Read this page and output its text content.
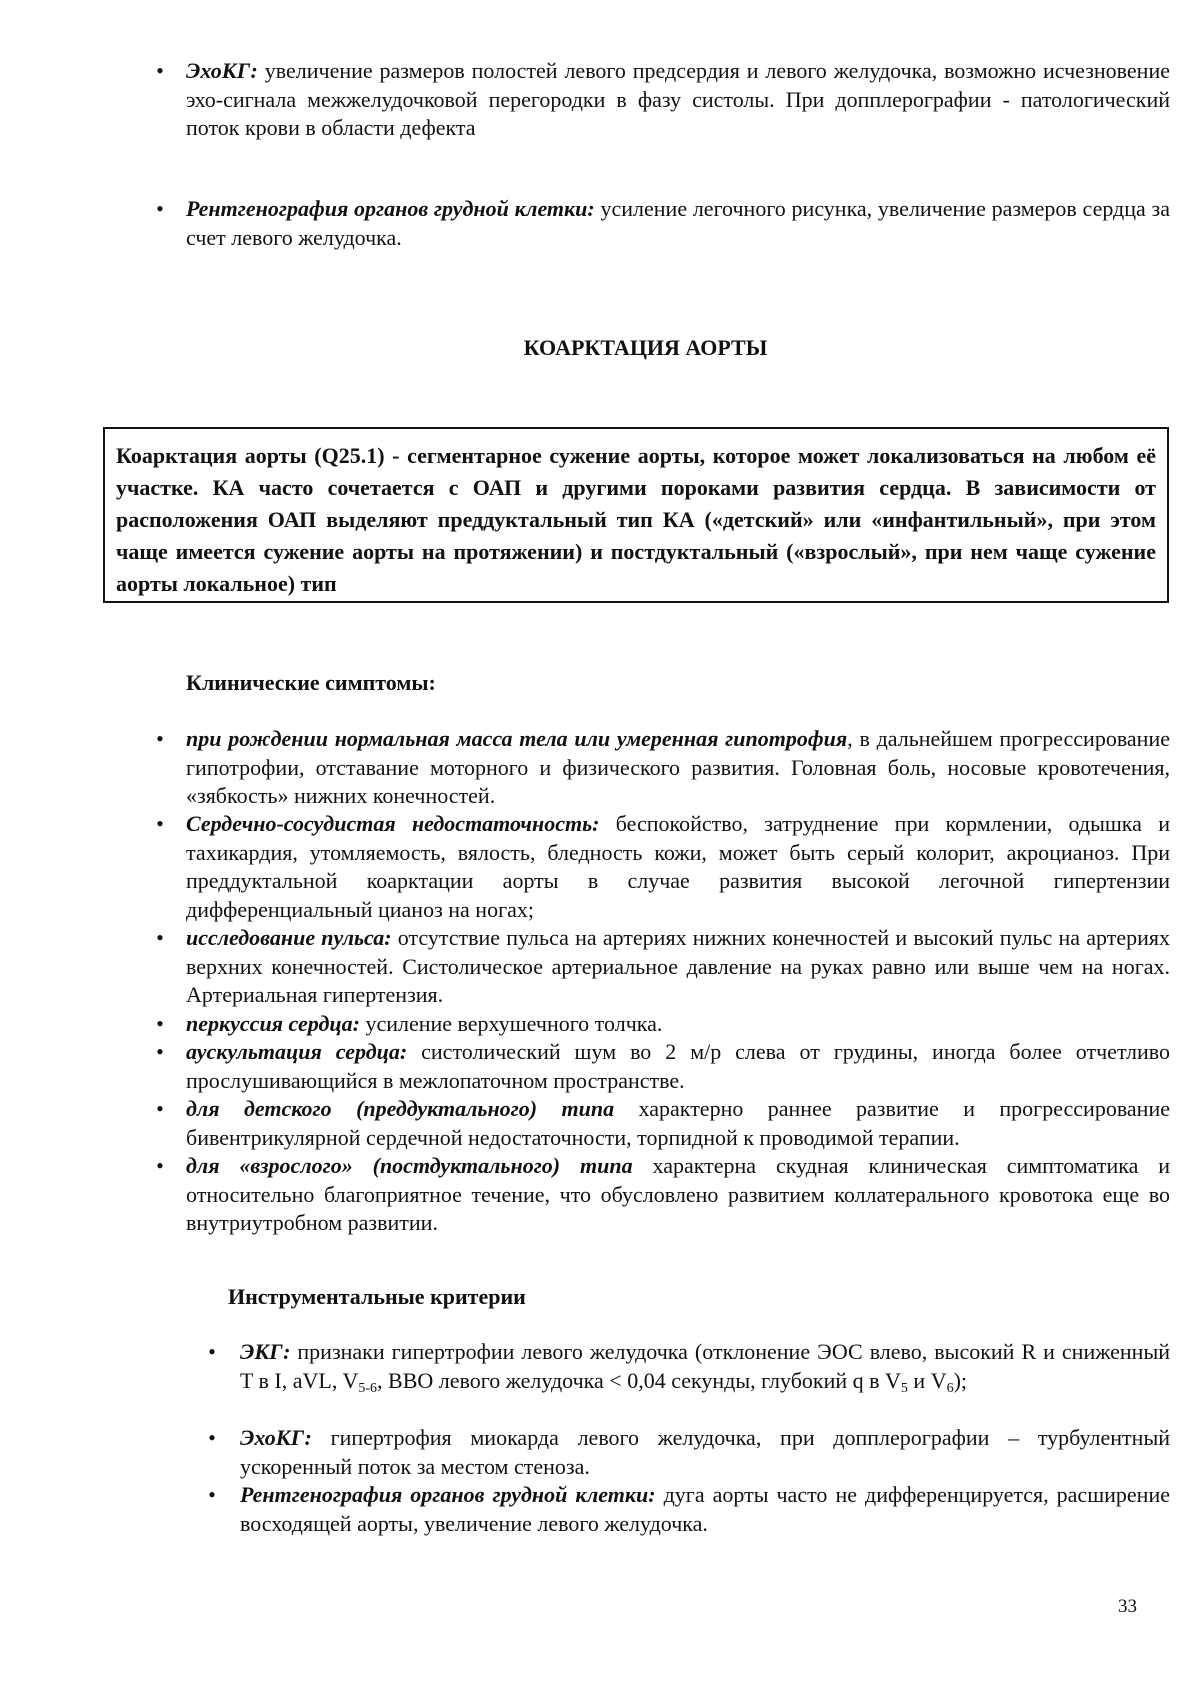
• ЭхоКГ: увеличение размеров полостей левого предсердия и левого желудочка, возможно исчезновение эхо-сигнала межжелудочковой перегородки в фазу систолы. При допплерографии - патологический поток крови в области дефекта

• Рентгенография органов грудной клетки: усиление легочного рисунка, увеличение размеров сердца за счет левого желудочка.

КОАРКТАЦИЯ АОРТЫ

Коарктация аорты (Q25.1) - сегментарное сужение аорты, которое может локализоваться на любом её участке. КА часто сочетается с ОАП и другими пороками развития сердца. В зависимости от расположения ОАП выделяют преддуктальный тип КА («детский» или «инфантильный», при этом чаще имеется сужение аорты на протяжении) и постдуктальный («взрослый», при нем чаще сужение аорты локальное) тип

Клинические симптомы:
• при рождении нормальная масса тела или умеренная гипотрофия, в дальнейшем прогрессирование гипотрофии, отставание моторного и физического развития. Головная боль, носовые кровотечения, «зябкость» нижних конечностей.

• Сердечно-сосудистая недостаточность: беспокойство, затруднение при кормлении, одышка и тахикардия, утомляемость, вялость, бледность кожи, может быть серый колорит, акроцианоз. При преддуктальной коарктации аорты в случае развития высокой легочной гипертензии дифференциальный цианоз на ногах;

• исследование пульса: отсутствие пульса на артериях нижних конечностей и высокий пульс на артериях верхних конечностей. Систолическое артериальное давление на руках равно или выше чем на ногах. Артериальная гипертензия.

• перкуссия сердца: усиление верхушечного толчка.

• аускультация сердца: систолический шум во 2 м/р слева от грудины, иногда более отчетливо прослушивающийся в межлопаточном пространстве.

• для детского (преддуктального) типа характерно раннее развитие и прогрессирование бивентрикулярной сердечной недостаточности, торпидной к проводимой терапии.

• для «взрослого» (постдуктального) типа характерна скудная клиническая симптоматика и относительно благоприятное течение, что обусловлено развитием коллатерального кровотока еще во внутриутробном развитии.

Инструментальные критерии
• ЭКГ: признаки гипертрофии левого желудочка (отклонение ЭОС влево, высокий R и сниженный T в I, aVL, $V_{5-6}$, ВВО левого желудочка < 0,04 секунды, глубокий q в $V_5$ и $V_6$);

• ЭхоКГ: гипертрофия миокарда левого желудочка, при допплерографии – турбулентный ускоренный поток за местом стеноза.

• Рентгенография органов грудной клетки: дуга аорты часто не дифференцируется, расширение восходящей аорты, увеличение левого желудочка.

33
